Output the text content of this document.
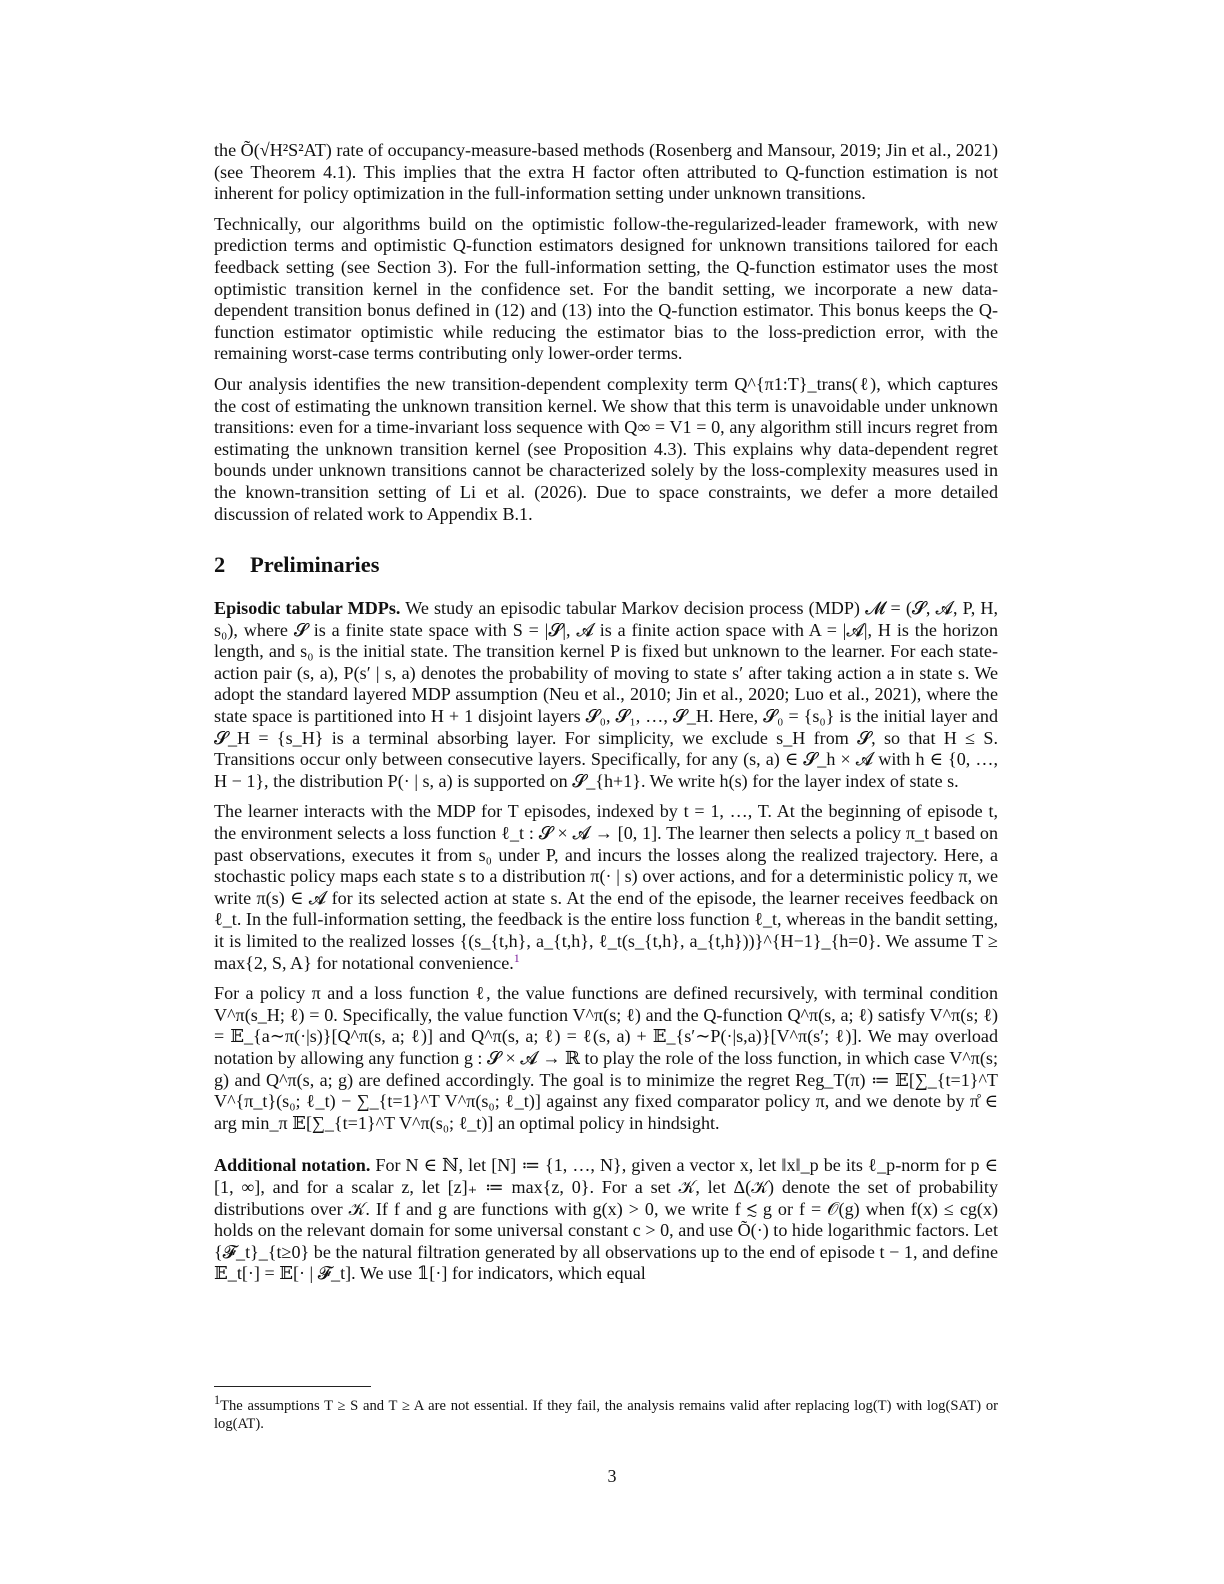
the Õ(√H²S²AT) rate of occupancy-measure-based methods (Rosenberg and Mansour, 2019; Jin et al., 2021) (see Theorem 4.1). This implies that the extra H factor often attributed to Q-function estimation is not inherent for policy optimization in the full-information setting under unknown transitions.

Technically, our algorithms build on the optimistic follow-the-regularized-leader framework, with new prediction terms and optimistic Q-function estimators designed for unknown transitions tailored for each feedback setting (see Section 3). For the full-information setting, the Q-function estimator uses the most optimistic transition kernel in the confidence set. For the bandit setting, we incorporate a new data-dependent transition bonus defined in (12) and (13) into the Q-function estimator. This bonus keeps the Q-function estimator optimistic while reducing the estimator bias to the loss-prediction error, with the remaining worst-case terms contributing only lower-order terms.

Our analysis identifies the new transition-dependent complexity term Q^{π1:T}_trans(ℓ), which captures the cost of estimating the unknown transition kernel. We show that this term is unavoidable under unknown transitions: even for a time-invariant loss sequence with Q∞ = V1 = 0, any algorithm still incurs regret from estimating the unknown transition kernel (see Proposition 4.3). This explains why data-dependent regret bounds under unknown transitions cannot be characterized solely by the loss-complexity measures used in the known-transition setting of Li et al. (2026). Due to space constraints, we defer a more detailed discussion of related work to Appendix B.1.

2 Preliminaries

Episodic tabular MDPs. We study an episodic tabular Markov decision process (MDP) 𝓜 = (𝓢, 𝓐, P, H, s₀), where 𝓢 is a finite state space with S = |𝓢|, 𝓐 is a finite action space with A = |𝓐|, H is the horizon length, and s₀ is the initial state. The transition kernel P is fixed but unknown to the learner. For each state-action pair (s, a), P(s′ | s, a) denotes the probability of moving to state s′ after taking action a in state s. We adopt the standard layered MDP assumption (Neu et al., 2010; Jin et al., 2020; Luo et al., 2021), where the state space is partitioned into H + 1 disjoint layers 𝓢₀, 𝓢₁, …, 𝓢_H. Here, 𝓢₀ = {s₀} is the initial layer and 𝓢_H = {s_H} is a terminal absorbing layer. For simplicity, we exclude s_H from 𝓢, so that H ≤ S. Transitions occur only between consecutive layers. Specifically, for any (s, a) ∈ 𝓢_h × 𝓐 with h ∈ {0, …, H − 1}, the distribution P(· | s, a) is supported on 𝓢_{h+1}. We write h(s) for the layer index of state s.

The learner interacts with the MDP for T episodes, indexed by t = 1, …, T. At the beginning of episode t, the environment selects a loss function ℓ_t : 𝓢 × 𝓐 → [0, 1]. The learner then selects a policy π_t based on past observations, executes it from s₀ under P, and incurs the losses along the realized trajectory. Here, a stochastic policy maps each state s to a distribution π(· | s) over actions, and for a deterministic policy π, we write π(s) ∈ 𝓐 for its selected action at state s. At the end of the episode, the learner receives feedback on ℓ_t. In the full-information setting, the feedback is the entire loss function ℓ_t, whereas in the bandit setting, it is limited to the realized losses {(s_{t,h}, a_{t,h}, ℓ_t(s_{t,h}, a_{t,h}))}^{H−1}_{h=0}. We assume T ≥ max{2, S, A} for notational convenience.$^1$

For a policy π and a loss function ℓ, the value functions are defined recursively, with terminal condition V^π(s_H; ℓ) = 0. Specifically, the value function V^π(s; ℓ) and the Q-function Q^π(s, a; ℓ) satisfy V^π(s; ℓ) = 𝔼_{a∼π(·|s)}[Q^π(s, a; ℓ)] and Q^π(s, a; ℓ) = ℓ(s, a) + 𝔼_{s′∼P(·|s,a)}[V^π(s′; ℓ)]. We may overload notation by allowing any function g : 𝓢 × 𝓐 → ℝ to play the role of the loss function, in which case V^π(s; g) and Q^π(s, a; g) are defined accordingly. The goal is to minimize the regret Reg_T(π) ≔ 𝔼[∑_{t=1}^T V^{π_t}(s₀; ℓ_t) − ∑_{t=1}^T V^π(s₀; ℓ_t)] against any fixed comparator policy π, and we denote by π̊ ∈ arg min_π 𝔼[∑_{t=1}^T V^π(s₀; ℓ_t)] an optimal policy in hindsight.

Additional notation. For N ∈ ℕ, let [N] ≔ {1, …, N}, given a vector x, let ‖x‖_p be its ℓ_p-norm for p ∈ [1, ∞], and for a scalar z, let [z]₊ ≔ max{z, 0}. For a set 𝒦, let Δ(𝒦) denote the set of probability distributions over 𝒦. If f and g are functions with g(x) > 0, we write f ≲ g or f = 𝒪(g) when f(x) ≤ cg(x) holds on the relevant domain for some universal constant c > 0, and use Õ(·) to hide logarithmic factors. Let {𝓕_t}_{t≥0} be the natural filtration generated by all observations up to the end of episode t − 1, and define 𝔼_t[·] = 𝔼[· | 𝓕_t]. We use 𝟙[·] for indicators, which equal

$^1$The assumptions T ≥ S and T ≥ A are not essential. If they fail, the analysis remains valid after replacing log(T) with log(SAT) or log(AT).
3
